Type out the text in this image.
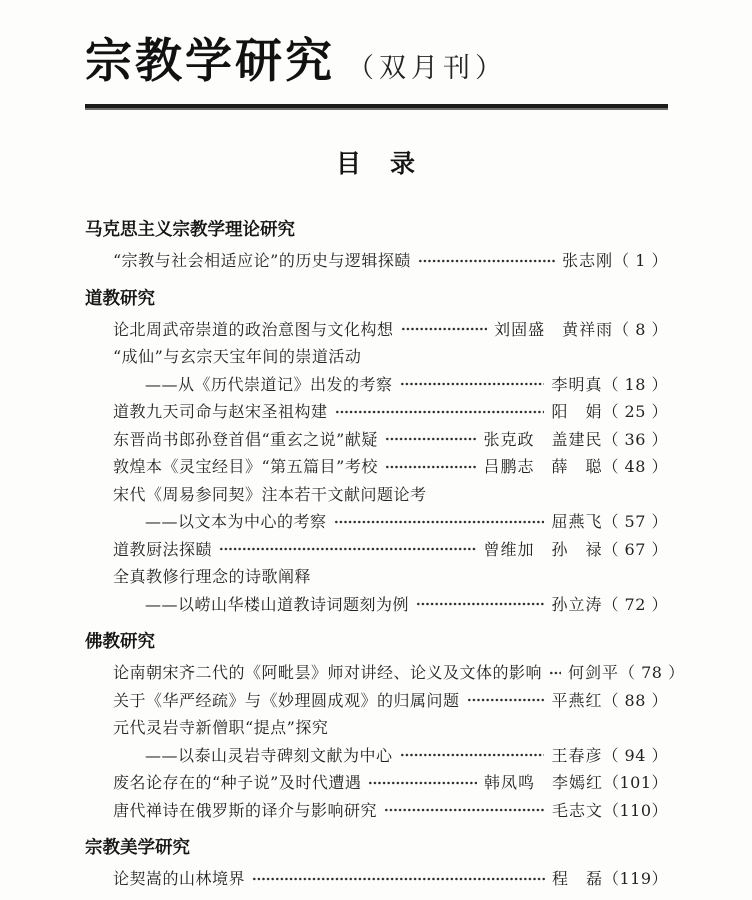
宗教学研究 （双月刊）
目　录
马克思主义宗教学理论研究
“宗教与社会相适应论”的历史与逻辑探赜	张志刚 （ 1 ）
道教研究
论北周武帝崇道的政治意图与文化构想	刘固盛　黄祥雨 （ 8 ）
“成仙”与玄宗天宝年间的崇道活动
——从《历代崇道记》出发的考察	李明真 （ 18 ）
道教九天司命与赵宋圣祖构建	阳　娟 （ 25 ）
东晋尚书郎孙登首倡“重玄之说”献疑	张克政　盖建民 （ 36 ）
敦煌本《灵宝经目》“第五篇目”考校	吕鹏志　薛　聪 （ 48 ）
宋代《周易参同契》注本若干文献问题论考
——以文本为中心的考察	屈燕飞 （ 57 ）
道教厨法探赜	曾维加　孙　禄 （ 67 ）
全真教修行理念的诗歌阐释
——以崂山华楼山道教诗词题刻为例	孙立涛 （ 72 ）
佛教研究
论南朝宋齐二代的《阿毗昙》师对讲经、论义及文体的影响 何剑平 （ 78 ）
关于《华严经疏》与《妙理圆成观》的归属问题	平燕红 （ 88 ）
元代灵岩寺新僧职“提点”探究
——以泰山灵岩寺碑刻文献为中心	王春彦 （ 94 ）
废名论存在的“种子说”及时代遭遇	韩凤鸣　李嫣红 （101）
唐代禅诗在俄罗斯的译介与影响研究	毛志文 （110）
宗教美学研究
论契嵩的山林境界	程　磊 （119）
